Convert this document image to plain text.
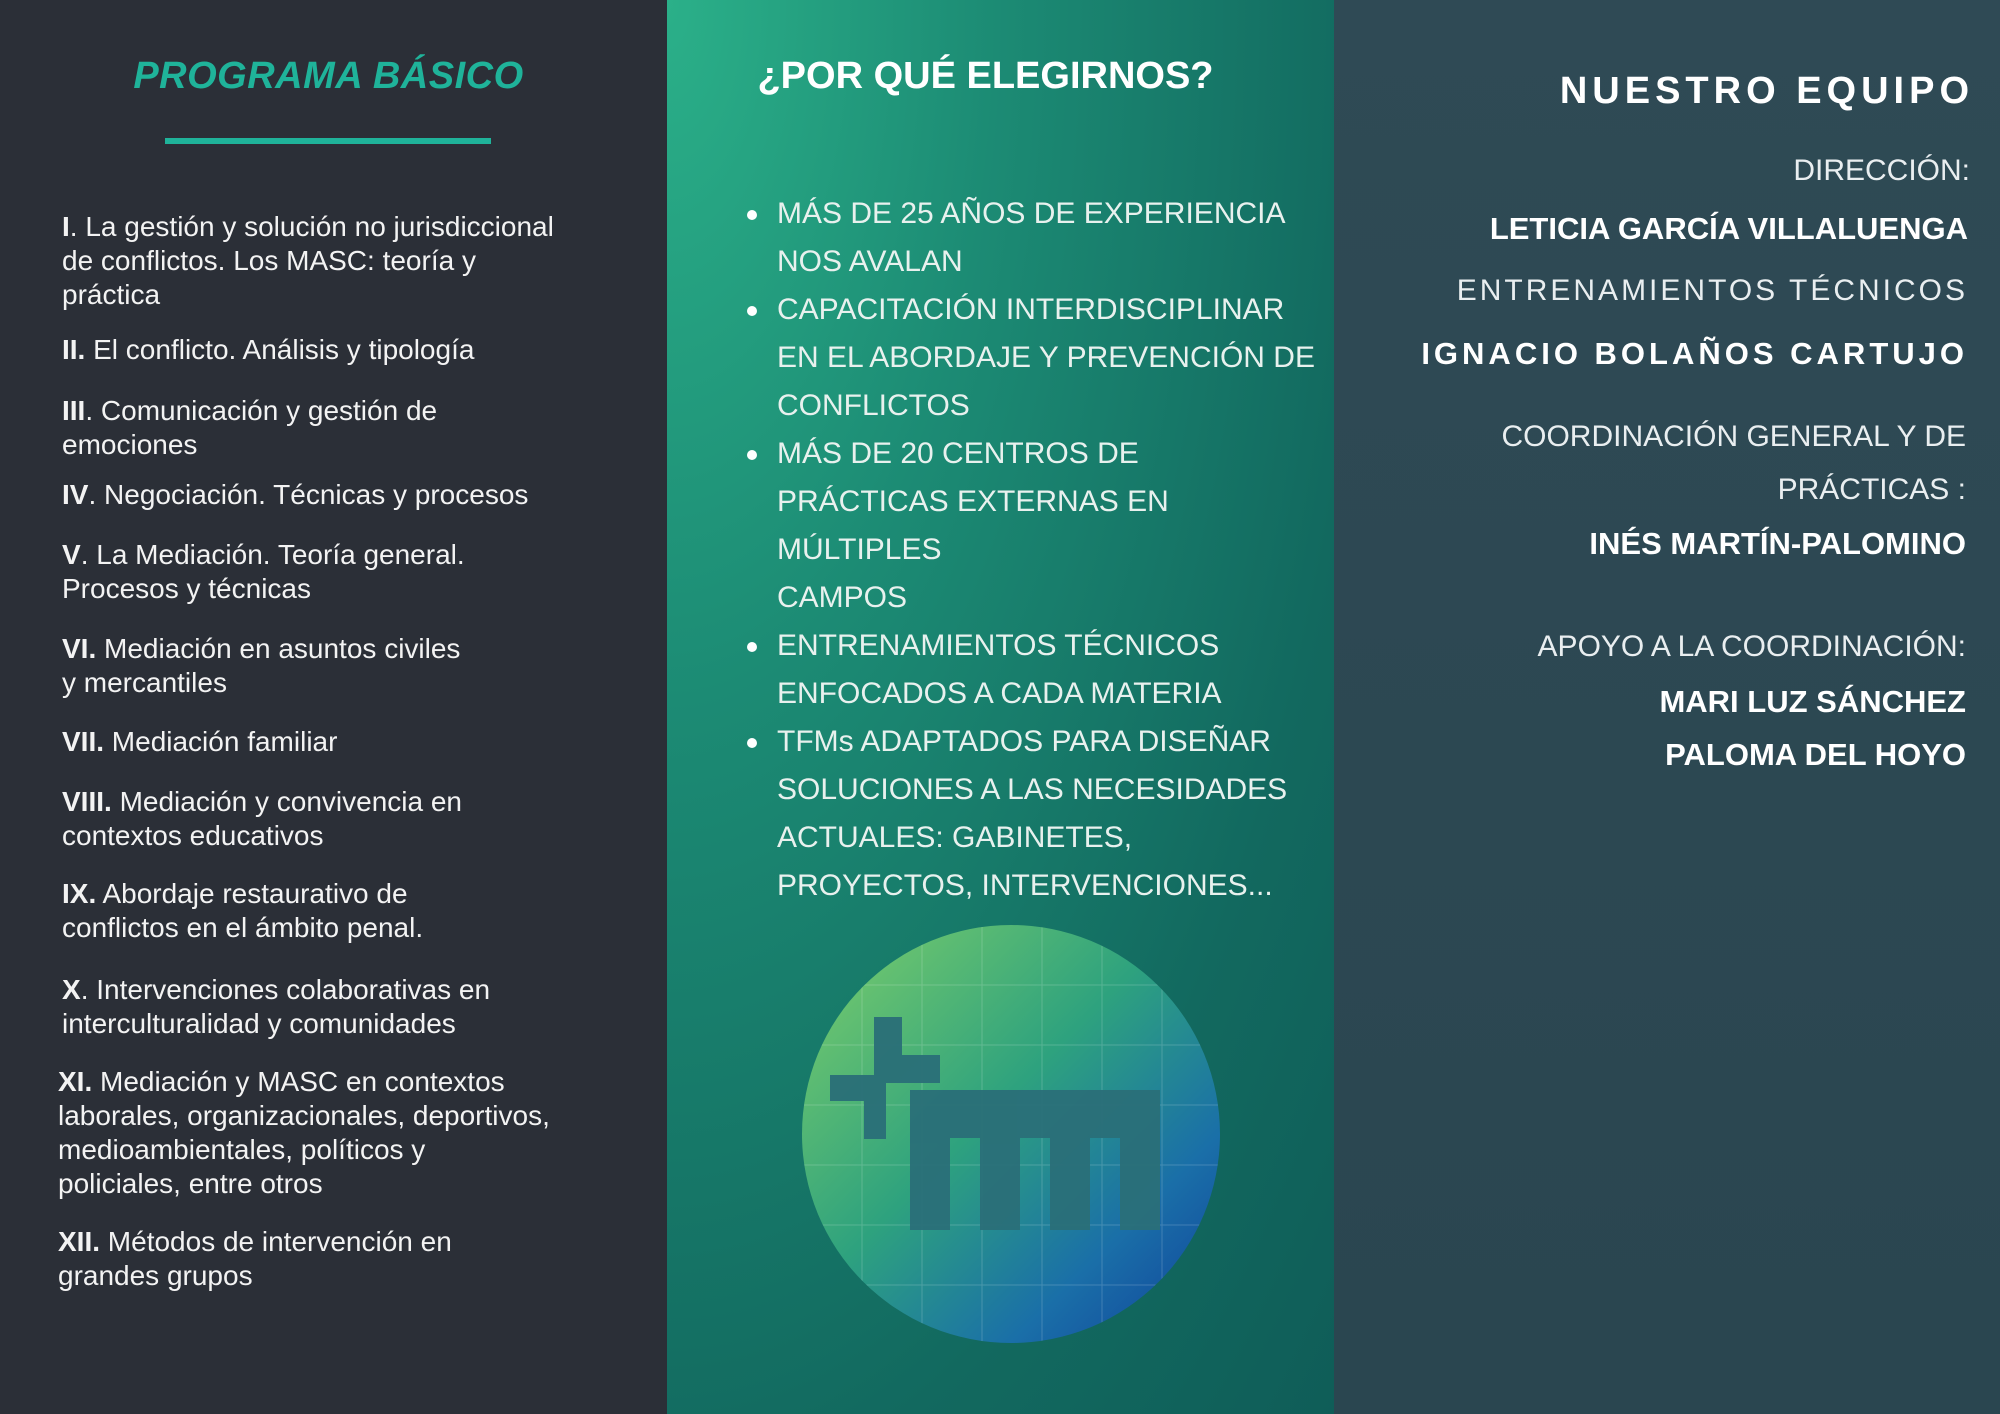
PROGRAMA BÁSICO
I. La gestión y solución no jurisdiccional
de conflictos. Los MASC: teoría y
práctica
II. El conflicto. Análisis y tipología
III. Comunicación y gestión de
emociones
IV. Negociación. Técnicas y procesos
V. La Mediación. Teoría general.
Procesos y técnicas
VI. Mediación en asuntos civiles
y mercantiles
VII. Mediación familiar
VIII. Mediación y convivencia en
contextos educativos
IX. Abordaje restaurativo de
conflictos en el ámbito penal.
X. Intervenciones colaborativas en
interculturalidad y comunidades
XI. Mediación y MASC en contextos
laborales, organizacionales, deportivos,
medioambientales, políticos y
policiales, entre otros
XII. Métodos de intervención en
grandes grupos
¿POR QUÉ ELEGIRNOS?
MÁS DE 25 AÑOS DE EXPERIENCIA
NOS AVALAN
CAPACITACIÓN INTERDISCIPLINAR
EN EL ABORDAJE Y PREVENCIÓN DE
CONFLICTOS
MÁS DE 20 CENTROS DE
PRÁCTICAS EXTERNAS EN MÚLTIPLES
CAMPOS
ENTRENAMIENTOS TÉCNICOS
ENFOCADOS A CADA MATERIA
TFMs ADAPTADOS PARA DISEÑAR
SOLUCIONES A LAS NECESIDADES
ACTUALES: GABINETES,
PROYECTOS, INTERVENCIONES...
NUESTRO EQUIPO

DIRECCIÓN:

LETICIA GARCÍA VILLALUENGA

ENTRENAMIENTOS TÉCNICOS

IGNACIO BOLAÑOS CARTUJO

COORDINACIÓN GENERAL Y DE

PRÁCTICAS :

INÉS MARTÍN-PALOMINO

APOYO A LA COORDINACIÓN:

MARI LUZ SÁNCHEZ

PALOMA DEL HOYO
